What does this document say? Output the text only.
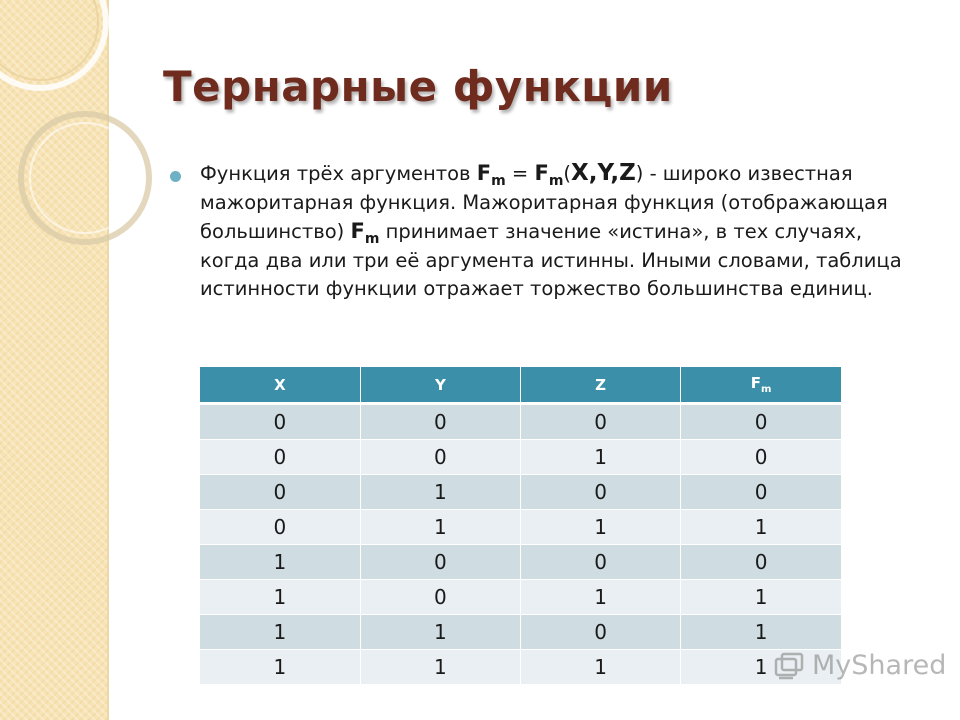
Тернарные функции

Функция трёх аргументов $F_m = F_m(X,Y,Z)$ - широко известная мажоритарная функция. Мажоритарная функция (отображающая большинство) $F_m$ принимает значение «истина», в тех случаях, когда два или три её аргумента истинны. Иными словами, таблица истинности функции отражает торжество большинства единиц.

X	Y	Z	$F_m$
0	0	0	0
0	0	1	0
0	1	0	0
0	1	1	1
1	0	0	0
1	0	1	1
1	1	0	1
1	1	1	1 MyShared
